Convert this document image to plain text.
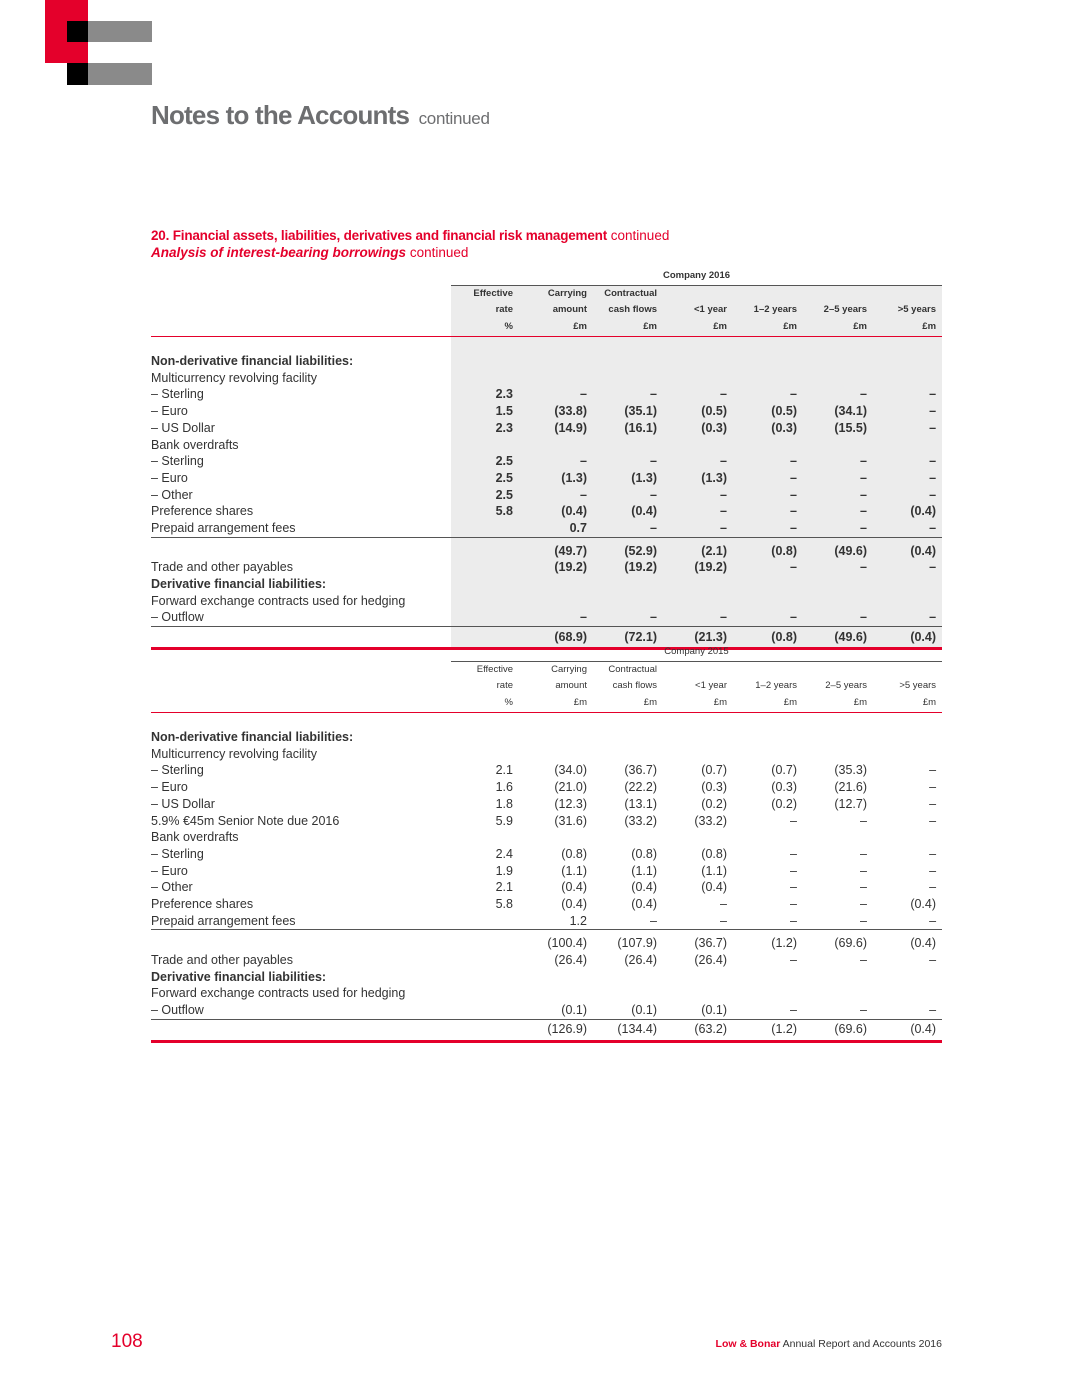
Notes to the Accounts continued
20. Financial assets, liabilities, derivatives and financial risk management continued
Analysis of interest-bearing borrowings continued
	Company 2016						
	Effective	Carrying	Contractual				
	rate	amount	cash flows	<1 year	1–2 years	2–5 years	>5 years
	%	£m	£m	£m	£m	£m	£m

Non-derivative financial liabilities:							
Multicurrency revolving facility							
– Sterling	2.3	–	–	–	–	–	–
– Euro	1.5	(33.8)	(35.1)	(0.5)	(0.5)	(34.1)	–
– US Dollar	2.3	(14.9)	(16.1)	(0.3)	(0.3)	(15.5)	–
Bank overdrafts							
– Sterling	2.5	–	–	–	–	–	–
– Euro	2.5	(1.3)	(1.3)	(1.3)	–	–	–
– Other	2.5	–	–	–	–	–	–
Preference shares	5.8	(0.4)	(0.4)	–	–	–	(0.4)
Prepaid arrangement fees		0.7	–	–	–	–	–
		(49.7)	(52.9)	(2.1)	(0.8)	(49.6)	(0.4)
Trade and other payables		(19.2)	(19.2)	(19.2)	–	–	–
Derivative financial liabilities:							
Forward exchange contracts used for hedging							
– Outflow		–	–	–	–	–	–
		(68.9)	(72.1)	(21.3)	(0.8)	(49.6)	(0.4)
	Company 2015						
	Effective	Carrying	Contractual				
	rate	amount	cash flows	<1 year	1–2 years	2–5 years	>5 years
	%	£m	£m	£m	£m	£m	£m

Non-derivative financial liabilities:							
Multicurrency revolving facility							
– Sterling	2.1	(34.0)	(36.7)	(0.7)	(0.7)	(35.3)	–
– Euro	1.6	(21.0)	(22.2)	(0.3)	(0.3)	(21.6)	–
– US Dollar	1.8	(12.3)	(13.1)	(0.2)	(0.2)	(12.7)	–
5.9% €45m Senior Note due 2016	5.9	(31.6)	(33.2)	(33.2)	–	–	–
Bank overdrafts							
– Sterling	2.4	(0.8)	(0.8)	(0.8)	–	–	–
– Euro	1.9	(1.1)	(1.1)	(1.1)	–	–	–
– Other	2.1	(0.4)	(0.4)	(0.4)	–	–	–
Preference shares	5.8	(0.4)	(0.4)	–	–	–	(0.4)
Prepaid arrangement fees		1.2	–	–	–	–	–
		(100.4)	(107.9)	(36.7)	(1.2)	(69.6)	(0.4)
Trade and other payables		(26.4)	(26.4)	(26.4)	–	–	–
Derivative financial liabilities:							
Forward exchange contracts used for hedging							
– Outflow		(0.1)	(0.1)	(0.1)	–	–	–
		(126.9)	(134.4)	(63.2)	(1.2)	(69.6)	(0.4)
108	Low & Bonar Annual Report and Accounts 2016
